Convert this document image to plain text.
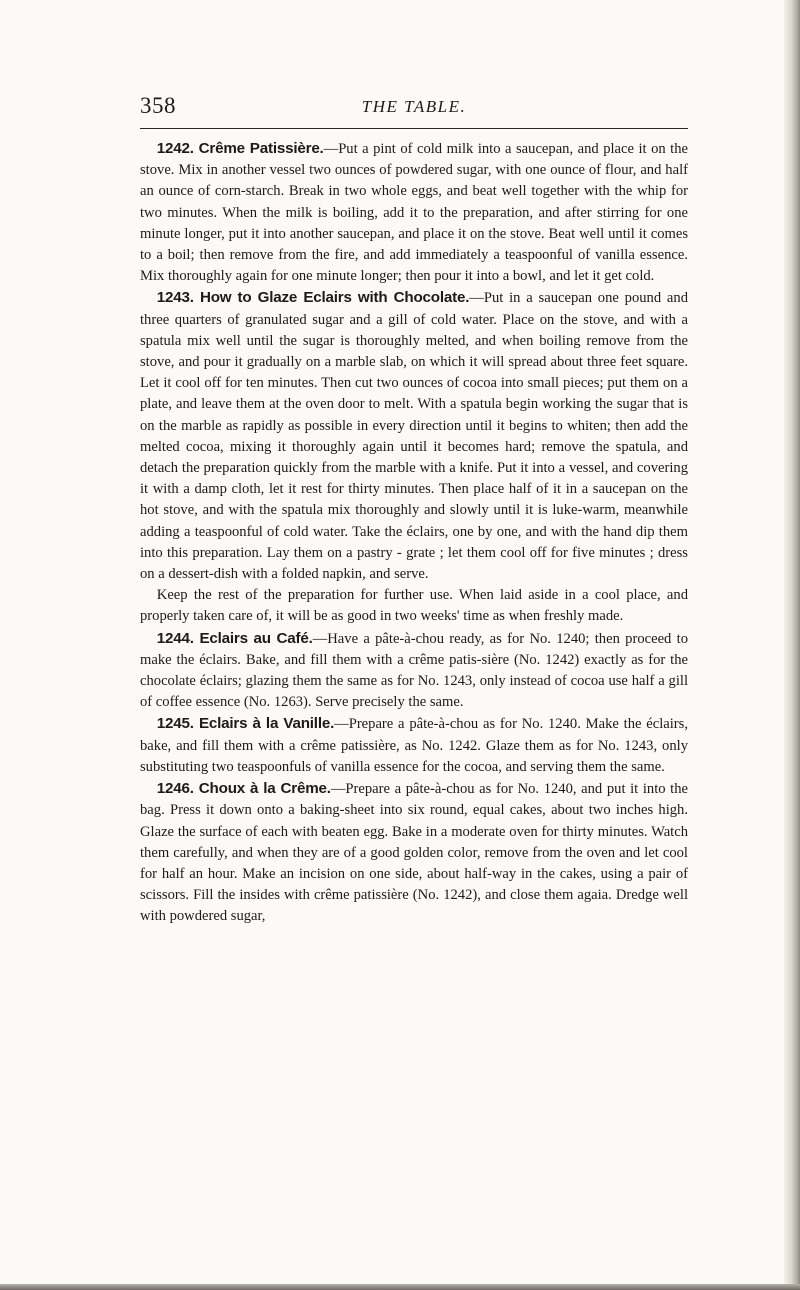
358	THE TABLE.

1242. Crême Patissière.—Put a pint of cold milk into a saucepan, and place it on the stove. Mix in another vessel two ounces of powdered sugar, with one ounce of flour, and half an ounce of corn-starch. Break in two whole eggs, and beat well together with the whip for two minutes. When the milk is boiling, add it to the preparation, and after stirring for one minute longer, put it into another saucepan, and place it on the stove. Beat well until it comes to a boil; then remove from the fire, and add immediately a teaspoonful of vanilla essence. Mix thoroughly again for one minute longer; then pour it into a bowl, and let it get cold.

1243. How to Glaze Eclairs with Chocolate.—Put in a saucepan one pound and three quarters of granulated sugar and a gill of cold water. Place on the stove, and with a spatula mix well until the sugar is thoroughly melted, and when boiling remove from the stove, and pour it gradually on a marble slab, on which it will spread about three feet square. Let it cool off for ten minutes. Then cut two ounces of cocoa into small pieces; put them on a plate, and leave them at the oven door to melt. With a spatula begin working the sugar that is on the marble as rapidly as possible in every direction until it begins to whiten; then add the melted cocoa, mixing it thoroughly again until it becomes hard; remove the spatula, and detach the preparation quickly from the marble with a knife. Put it into a vessel, and covering it with a damp cloth, let it rest for thirty minutes. Then place half of it in a saucepan on the hot stove, and with the spatula mix thoroughly and slowly until it is luke-warm, meanwhile adding a teaspoonful of cold water. Take the éclairs, one by one, and with the hand dip them into this preparation. Lay them on a pastry - grate ; let them cool off for five minutes ; dress on a dessert-dish with a folded napkin, and serve.

Keep the rest of the preparation for further use. When laid aside in a cool place, and properly taken care of, it will be as good in two weeks' time as when freshly made.

1244. Eclairs au Café.—Have a pâte-à-chou ready, as for No. 1240; then proceed to make the éclairs. Bake, and fill them with a crême patis-sière (No. 1242) exactly as for the chocolate éclairs; glazing them the same as for No. 1243, only instead of cocoa use half a gill of coffee essence (No. 1263). Serve precisely the same.

1245. Eclairs à la Vanille.—Prepare a pâte-à-chou as for No. 1240. Make the éclairs, bake, and fill them with a crême patissière, as No. 1242. Glaze them as for No. 1243, only substituting two teaspoonfuls of vanilla essence for the cocoa, and serving them the same.

1246. Choux à la Crême.—Prepare a pâte-à-chou as for No. 1240, and put it into the bag. Press it down onto a baking-sheet into six round, equal cakes, about two inches high. Glaze the surface of each with beaten egg. Bake in a moderate oven for thirty minutes. Watch them carefully, and when they are of a good golden color, remove from the oven and let cool for half an hour. Make an incision on one side, about half-way in the cakes, using a pair of scissors. Fill the insides with crême patissière (No. 1242), and close them agaia. Dredge well with powdered sugar,
